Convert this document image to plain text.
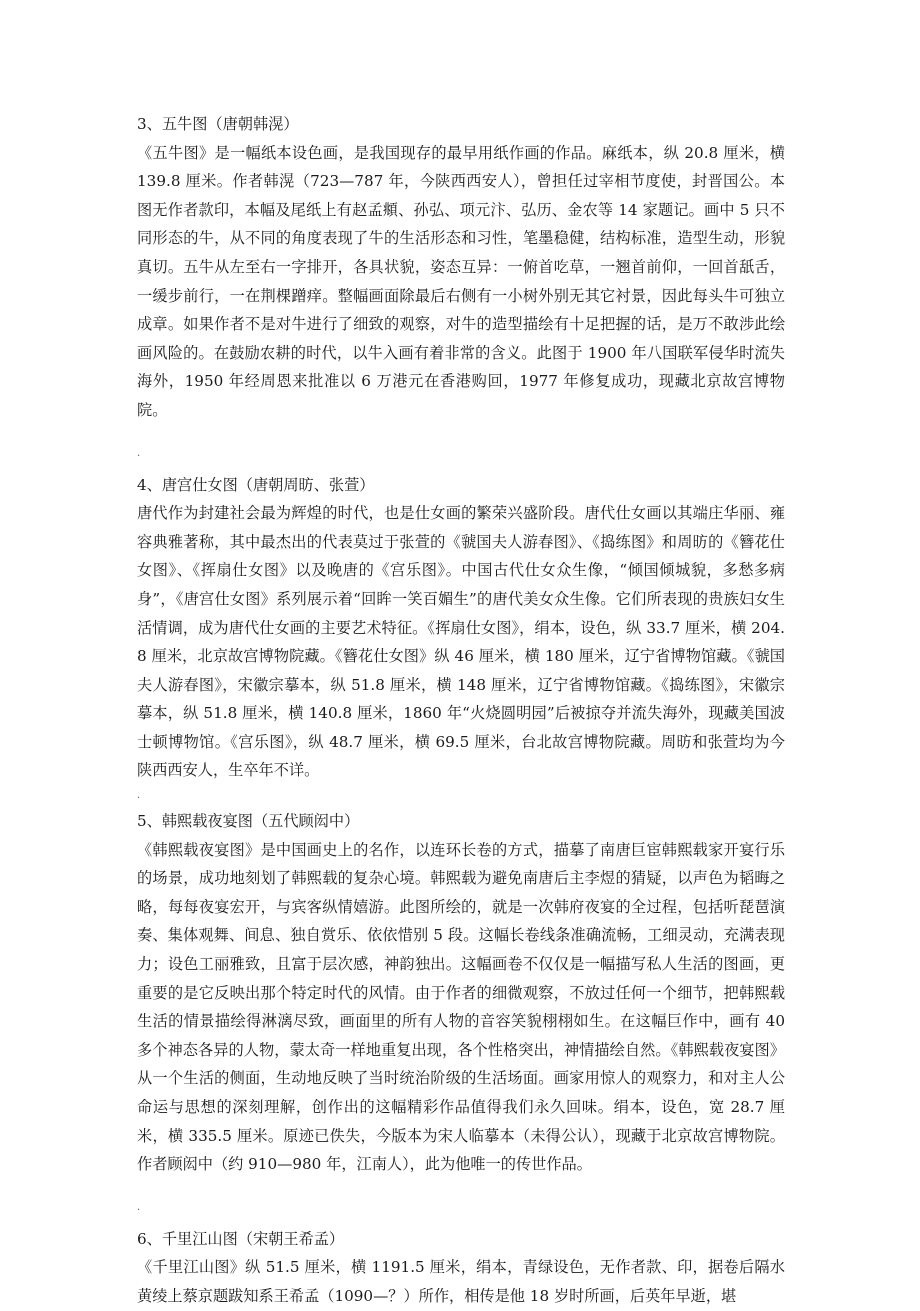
3、五牛图（唐朝韩滉）

《五牛图》是一幅纸本设色画，是我国现存的最早用纸作画的作品。麻纸本，纵 20.8 厘米，横 139.8 厘米。作者韩滉（723—787 年，今陕西西安人），曾担任过宰相节度使，封晋国公。本图无作者款印，本幅及尾纸上有赵孟頫、孙弘、项元汴、弘历、金农等 14 家题记。画中 5 只不同形态的牛，从不同的角度表现了牛的生活形态和习性，笔墨稳健，结构标准，造型生动，形貌真切。五牛从左至右一字排开，各具状貌，姿态互异：一俯首吃草，一翘首前仰，一回首舐舌，一缓步前行，一在荆棵蹭痒。整幅画面除最后右侧有一小树外别无其它衬景，因此每头牛可独立成章。如果作者不是对牛进行了细致的观察，对牛的造型描绘有十足把握的话，是万不敢涉此绘画风险的。在鼓励农耕的时代，以牛入画有着非常的含义。此图于 1900 年八国联军侵华时流失海外，1950 年经周恩来批准以 6 万港元在香港购回，1977 年修复成功，现藏北京故宫博物院。

.

4、唐宫仕女图（唐朝周昉、张萱）

唐代作为封建社会最为辉煌的时代，也是仕女画的繁荣兴盛阶段。唐代仕女画以其端庄华丽、雍容典雅著称，其中最杰出的代表莫过于张萱的《虢国夫人游春图》、《捣练图》和周昉的《簪花仕女图》、《挥扇仕女图》以及晚唐的《宫乐图》。中国古代仕女众生像，“倾国倾城貌，多愁多病身”，《唐宫仕女图》系列展示着“回眸一笑百媚生”的唐代美女众生像。它们所表现的贵族妇女生活情调，成为唐代仕女画的主要艺术特征。《挥扇仕女图》，绢本，设色，纵 33.7 厘米，横 204.8 厘米，北京故宫博物院藏。《簪花仕女图》纵 46 厘米，横 180 厘米，辽宁省博物馆藏。《虢国夫人游春图》，宋徽宗摹本，纵 51.8 厘米，横 148 厘米，辽宁省博物馆藏。《捣练图》，宋徽宗摹本，纵 51.8 厘米，横 140.8 厘米，1860 年“火烧圆明园”后被掠夺并流失海外，现藏美国波士顿博物馆。《宫乐图》，纵 48.7 厘米，横 69.5 厘米，台北故宫博物院藏。周昉和张萱均为今陕西西安人，生卒年不详。

.

5、韩熙载夜宴图（五代顾闳中）

《韩熙载夜宴图》是中国画史上的名作，以连环长卷的方式，描摹了南唐巨宦韩熙载家开宴行乐的场景，成功地刻划了韩熙载的复杂心境。韩熙载为避免南唐后主李煜的猜疑，以声色为韬晦之略，每每夜宴宏开，与宾客纵情嬉游。此图所绘的，就是一次韩府夜宴的全过程，包括听琵琶演奏、集体观舞、间息、独自赏乐、依依惜别 5 段。这幅长卷线条准确流畅，工细灵动，充满表现力；设色工丽雅致，且富于层次感，神韵独出。这幅画卷不仅仅是一幅描写私人生活的图画，更重要的是它反映出那个特定时代的风情。由于作者的细微观察，不放过任何一个细节，把韩熙载生活的情景描绘得淋漓尽致，画面里的所有人物的音容笑貌栩栩如生。在这幅巨作中，画有 40 多个神态各异的人物，蒙太奇一样地重复出现，各个性格突出，神情描绘自然。《韩熙载夜宴图》从一个生活的侧面，生动地反映了当时统治阶级的生活场面。画家用惊人的观察力，和对主人公命运与思想的深刻理解，创作出的这幅精彩作品值得我们永久回味。绢本，设色，宽 28.7 厘米，横 335.5 厘米。原迹已佚失，今版本为宋人临摹本（未得公认），现藏于北京故宫博物院。作者顾闳中（约 910—980 年，江南人），此为他唯一的传世作品。

.

6、千里江山图（宋朝王希孟）

《千里江山图》纵 51.5 厘米，横 1191.5 厘米，绢本，青绿设色，无作者款、印，据卷后隔水黄绫上蔡京题跋知系王希孟（1090—？）所作，相传是他 18 岁时所画，后英年早逝，堪
